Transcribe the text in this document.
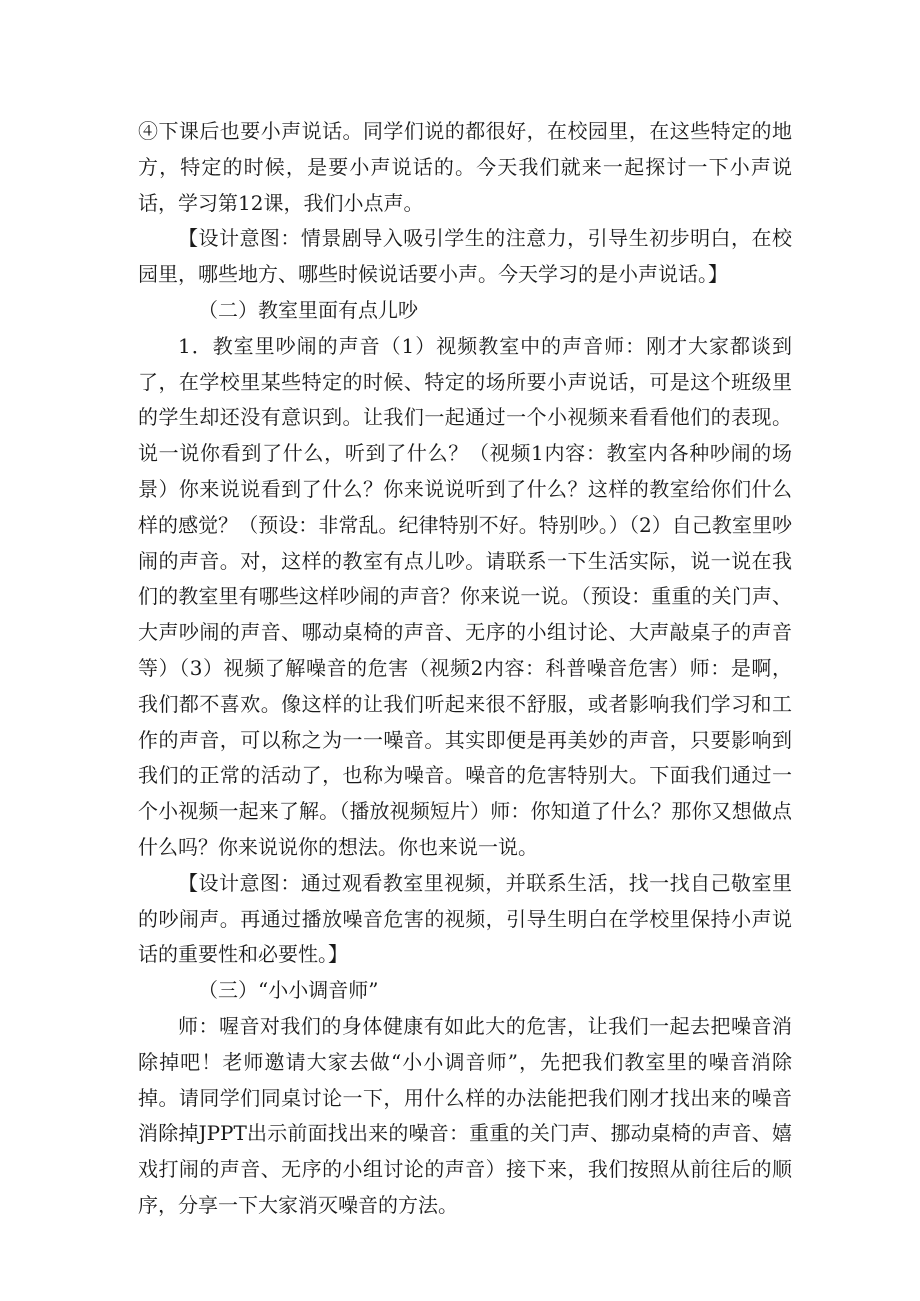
④下课后也要小声说话。同学们说的都很好，在校园里，在这些特定的地方，特定的时候，是要小声说话的。今天我们就来一起探讨一下小声说话，学习第12课，我们小点声。

【设计意图：情景剧导入吸引学生的注意力，引导生初步明白，在校园里，哪些地方、哪些时候说话要小声。今天学习的是小声说话。】

（二）教室里面有点儿吵

1．教室里吵闹的声音（1）视频教室中的声音师：刚才大家都谈到了，在学校里某些特定的时候、特定的场所要小声说话，可是这个班级里的学生却还没有意识到。让我们一起通过一个小视频来看看他们的表现。说一说你看到了什么，听到了什么？（视频1内容：教室内各种吵闹的场景）你来说说看到了什么？你来说说听到了什么？这样的教室给你们什么样的感觉？（预设：非常乱。纪律特别不好。特别吵。）（2）自己教室里吵闹的声音。对，这样的教室有点儿吵。请联系一下生活实际，说一说在我们的教室里有哪些这样吵闹的声音？你来说一说。（预设：重重的关门声、大声吵闹的声音、哪动桌椅的声音、无序的小组讨论、大声敲桌子的声音等）（3）视频了解噪音的危害（视频2内容：科普噪音危害）师：是啊，我们都不喜欢。像这样的让我们听起来很不舒服，或者影响我们学习和工作的声音，可以称之为一一噪音。其实即便是再美妙的声音，只要影响到我们的正常的活动了，也称为噪音。噪音的危害特别大。下面我们通过一个小视频一起来了解。（播放视频短片）师：你知道了什么？那你又想做点什么吗？你来说说你的想法。你也来说一说。

【设计意图：通过观看教室里视频，并联系生活，找一找自己敬室里的吵闹声。再通过播放噪音危害的视频，引导生明白在学校里保持小声说话的重要性和必要性。】

（三）“小小调音师”

师：喔音对我们的身体健康有如此大的危害，让我们一起去把噪音消除掉吧！老师邀请大家去做“小小调音师”，先把我们教室里的噪音消除掉。请同学们同桌讨论一下，用什么样的办法能把我们刚才找出来的噪音消除掉JPPT出示前面找出来的噪音：重重的关门声、挪动桌椅的声音、嬉戏打闹的声音、无序的小组讨论的声音）接下来，我们按照从前往后的顺序，分享一下大家消灭噪音的方法。
